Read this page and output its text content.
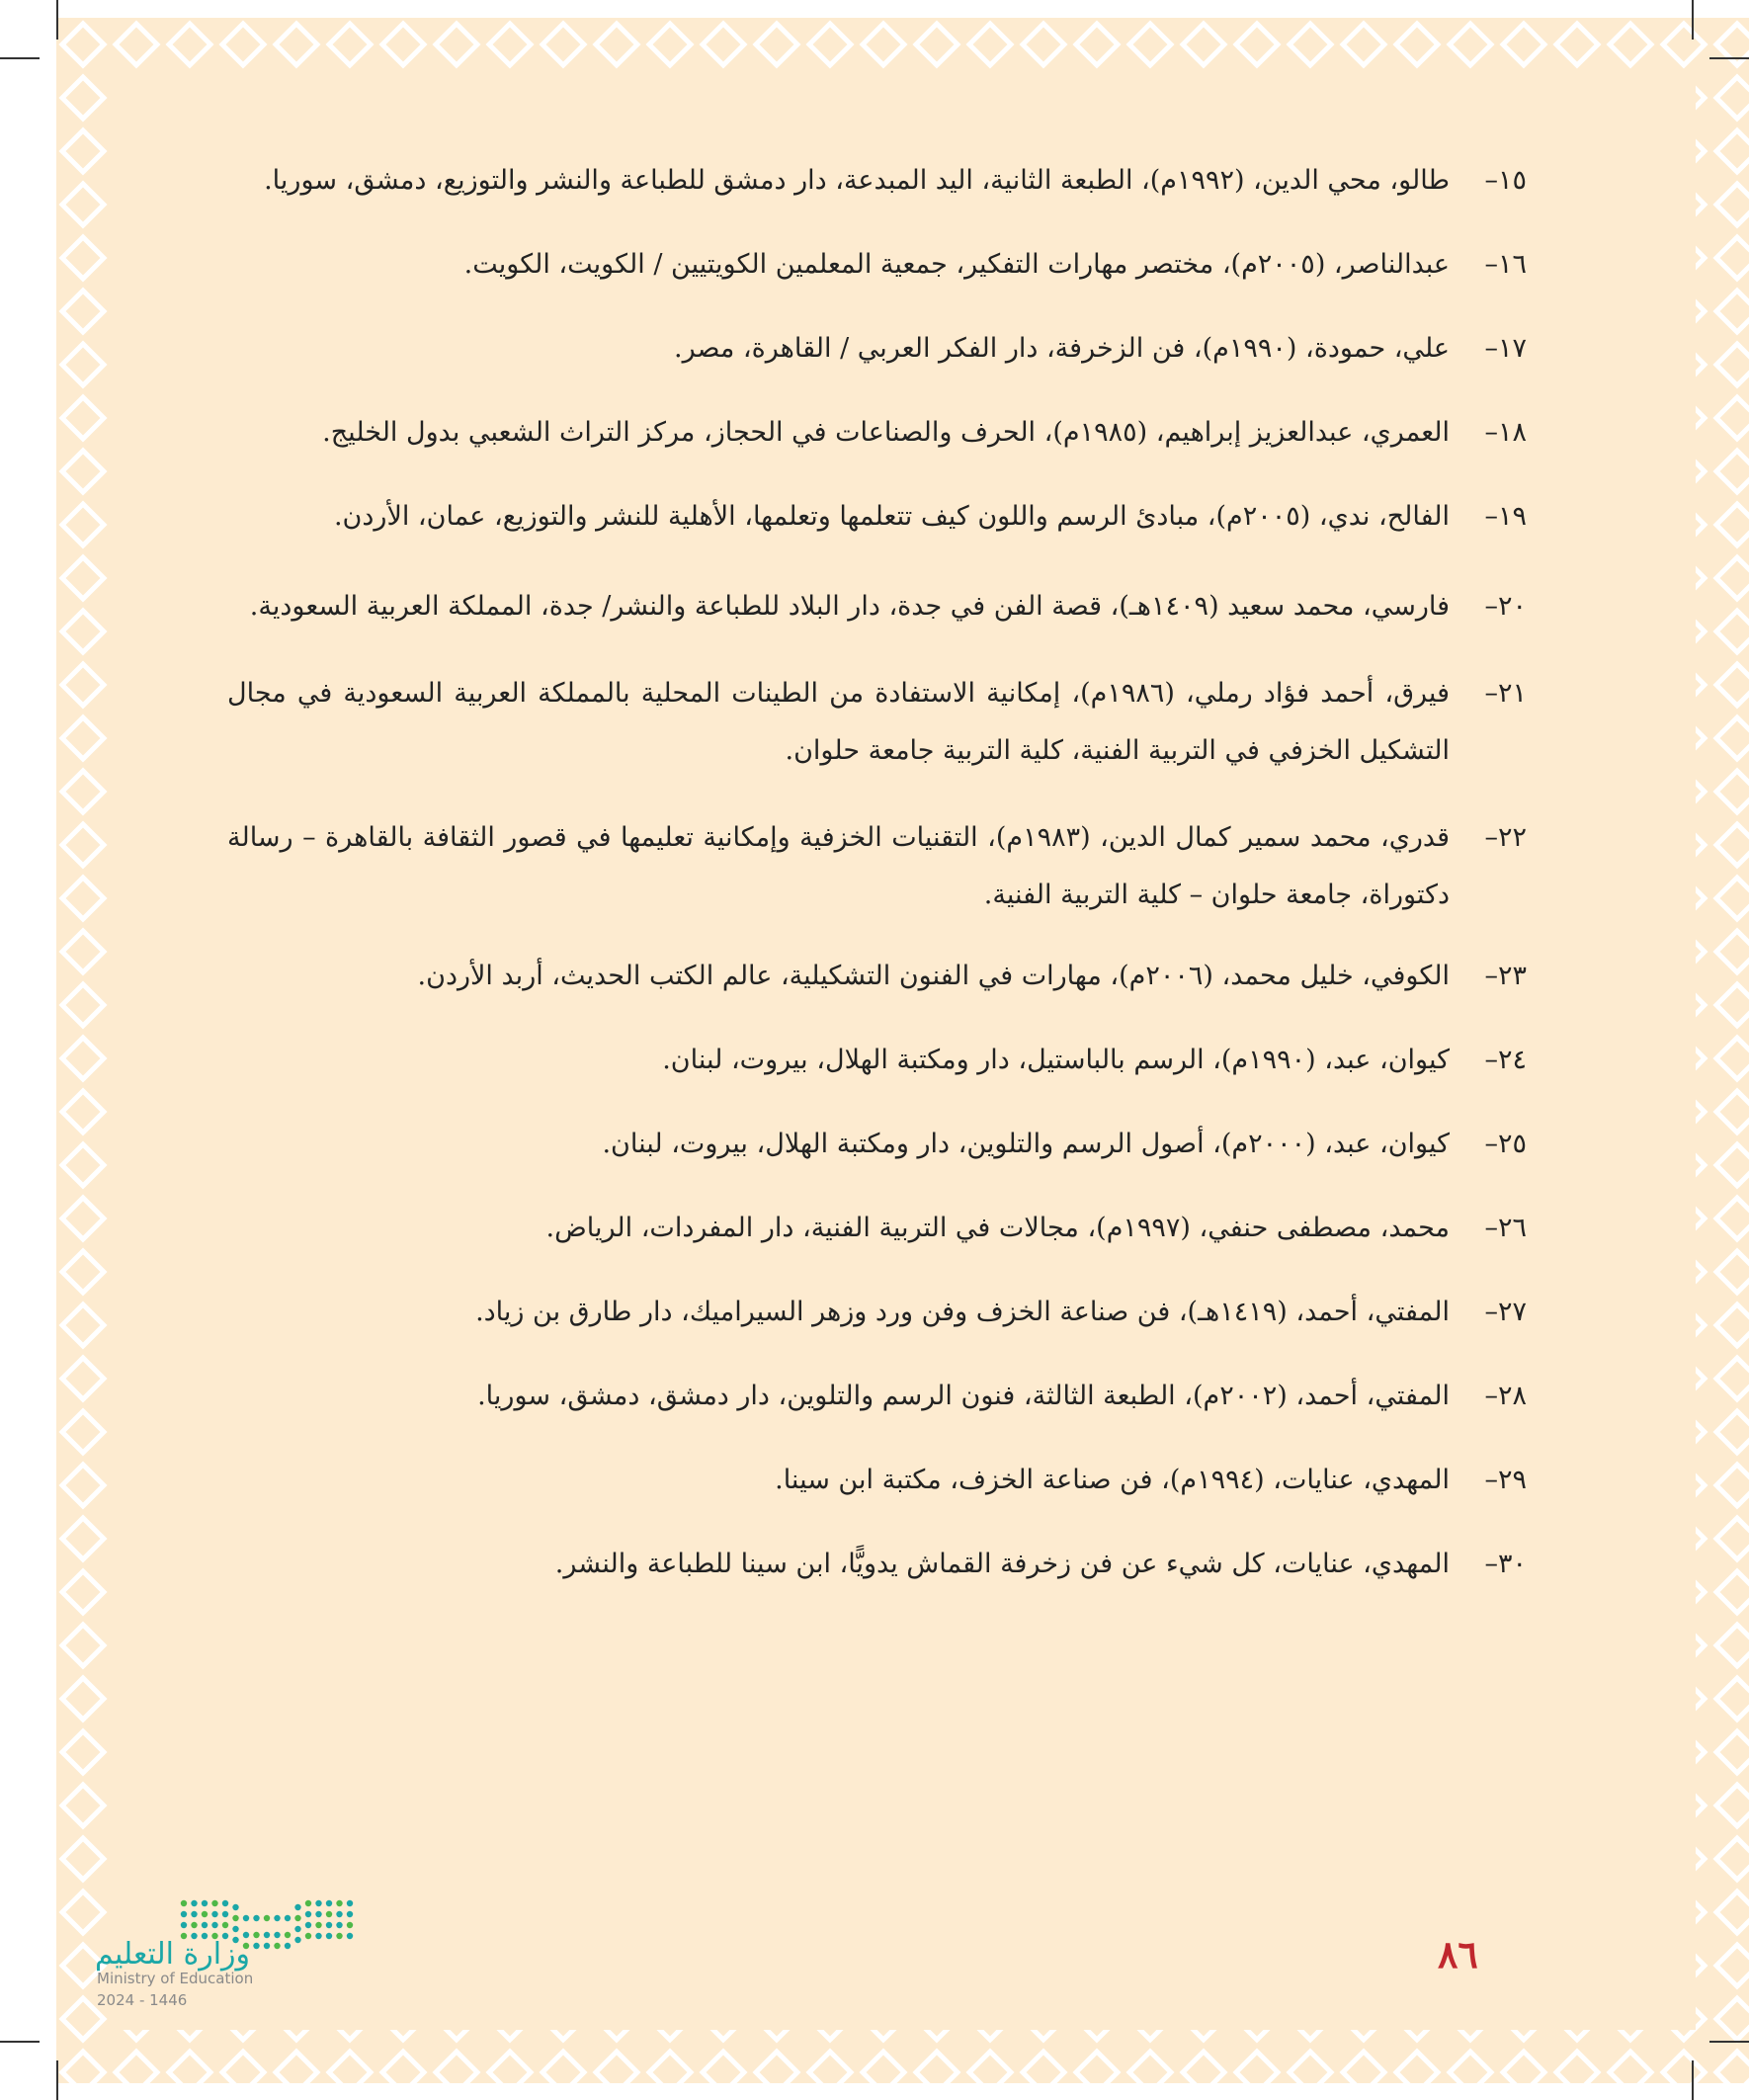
١٥–
طالو، محي الدين، (١٩٩٢م)، الطبعة الثانية، اليد المبدعة، دار دمشق للطباعة والنشر والتوزيع، دمشق، سوريا.
١٦–
عبدالناصر، (٢٠٠٥م)، مختصر مهارات التفكير، جمعية المعلمين الكويتيين / الكويت، الكويت.
١٧–
علي، حمودة، (١٩٩٠م)، فن الزخرفة، دار الفكر العربي / القاهرة، مصر.
١٨–
العمري، عبدالعزيز إبراهيم، (١٩٨٥م)، الحرف والصناعات في الحجاز، مركز التراث الشعبي بدول الخليج.
١٩–
الفالح، ندي، (٢٠٠٥م)، مبادئ الرسم واللون كيف تتعلمها وتعلمها، الأهلية للنشر والتوزيع، عمان، الأردن.
٢٠–
فارسي، محمد سعيد (١٤٠٩هـ)، قصة الفن في جدة، دار البلاد للطباعة والنشر/ جدة، المملكة العربية السعودية.
٢١–
فيرق، أحمد فؤاد رملي، (١٩٨٦م)، إمكانية الاستفادة من الطينات المحلية بالمملكة العربية السعودية في مجال التشكيل الخزفي في التربية الفنية، كلية التربية جامعة حلوان.
٢٢–
قدري، محمد سمير كمال الدين، (١٩٨٣م)، التقنيات الخزفية وإمكانية تعليمها في قصور الثقافة بالقاهرة – رسالة دكتوراة، جامعة حلوان – كلية التربية الفنية.
٢٣–
الكوفي، خليل محمد، (٢٠٠٦م)، مهارات في الفنون التشكيلية، عالم الكتب الحديث، أربد الأردن.
٢٤–
كيوان، عبد، (١٩٩٠م)، الرسم بالباستيل، دار ومكتبة الهلال، بيروت، لبنان.
٢٥–
كيوان، عبد، (٢٠٠٠م)، أصول الرسم والتلوين، دار ومكتبة الهلال، بيروت، لبنان.
٢٦–
محمد، مصطفى حنفي، (١٩٩٧م)، مجالات في التربية الفنية، دار المفردات، الرياض.
٢٧–
المفتي، أحمد، (١٤١٩هـ)، فن صناعة الخزف وفن ورد وزهر السيراميك، دار طارق بن زياد.
٢٨–
المفتي، أحمد، (٢٠٠٢م)، الطبعة الثالثة، فنون الرسم والتلوين، دار دمشق، دمشق، سوريا.
٢٩–
المهدي، عنايات، (١٩٩٤م)، فن صناعة الخزف، مكتبة ابن سينا.
٣٠–
المهدي، عنايات، كل شيء عن فن زخرفة القماش يدويًّا، ابن سينا للطباعة والنشر.
٨٦
وزارة التعليم
Ministry of Education
2024 - 1446
